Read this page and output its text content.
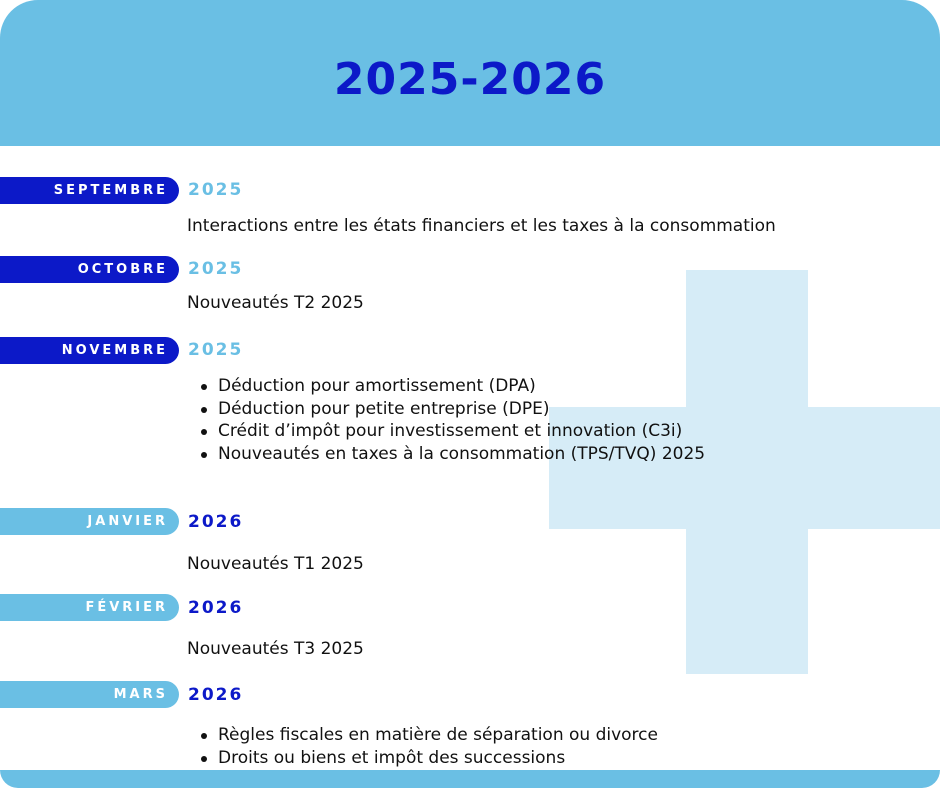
2025-2026
SEPTEMBRE	2025
Interactions entre les états financiers et les taxes à la consommation
OCTOBRE	2025
Nouveautés T2 2025
NOVEMBRE	2025
Déduction pour amortissement (DPA)
Déduction pour petite entreprise (DPE)
Crédit d’impôt pour investissement et innovation (C3i)
Nouveautés en taxes à la consommation (TPS/TVQ) 2025
JANVIER	2026
Nouveautés T1 2025
FÉVRIER	2026
Nouveautés T3 2025
MARS	2026
Règles fiscales en matière de séparation ou divorce
Droits ou biens et impôt des successions
